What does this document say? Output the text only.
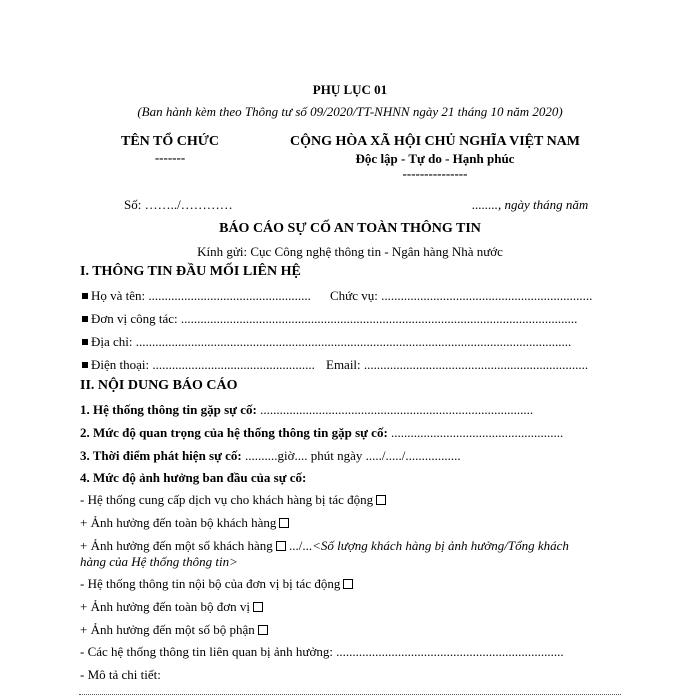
PHỤ LỤC 01
(Ban hành kèm theo Thông tư số 09/2020/TT-NHNN ngày 21 tháng 10 năm 2020)
TÊN TỔ CHỨC
-------
CỘNG HÒA XÃ HỘI CHỦ NGHĨA VIỆT NAM
Độc lập - Tự do - Hạnh phúc
---------------
Số: ……../…………	........, ngày tháng năm
BÁO CÁO SỰ CỐ AN TOÀN THÔNG TIN
Kính gửi: Cục Công nghệ thông tin - Ngân hàng Nhà nước
I. THÔNG TIN ĐẦU MỐI LIÊN HỆ
Họ và tên: .................................................. Chức vụ: .................................................................
Đơn vị công tác: ..........................................................................................................................
Địa chỉ: ......................................................................................................................................
Điện thoại: .................................................. Email: .....................................................................
II. NỘI DUNG BÁO CÁO
1. Hệ thống thông tin gặp sự cố: ....................................................................................
2. Mức độ quan trọng của hệ thống thông tin gặp sự cố: .....................................................
3. Thời điểm phát hiện sự cố: ..........giờ.... phút ngày ...../...../.................
4. Mức độ ảnh hưởng ban đầu của sự cố:
- Hệ thống cung cấp dịch vụ cho khách hàng bị tác động
+ Ảnh hưởng đến toàn bộ khách hàng
+ Ảnh hưởng đến một số khách hàng .../...<Số lượng khách hàng bị ảnh hưởng/Tổng khách
hàng của Hệ thống thông tin>
- Hệ thống thông tin nội bộ của đơn vị bị tác động
+ Ảnh hưởng đến toàn bộ đơn vị
+ Ảnh hưởng đến một số bộ phận
- Các hệ thống thông tin liên quan bị ảnh hưởng: ......................................................................
- Mô tả chi tiết:
